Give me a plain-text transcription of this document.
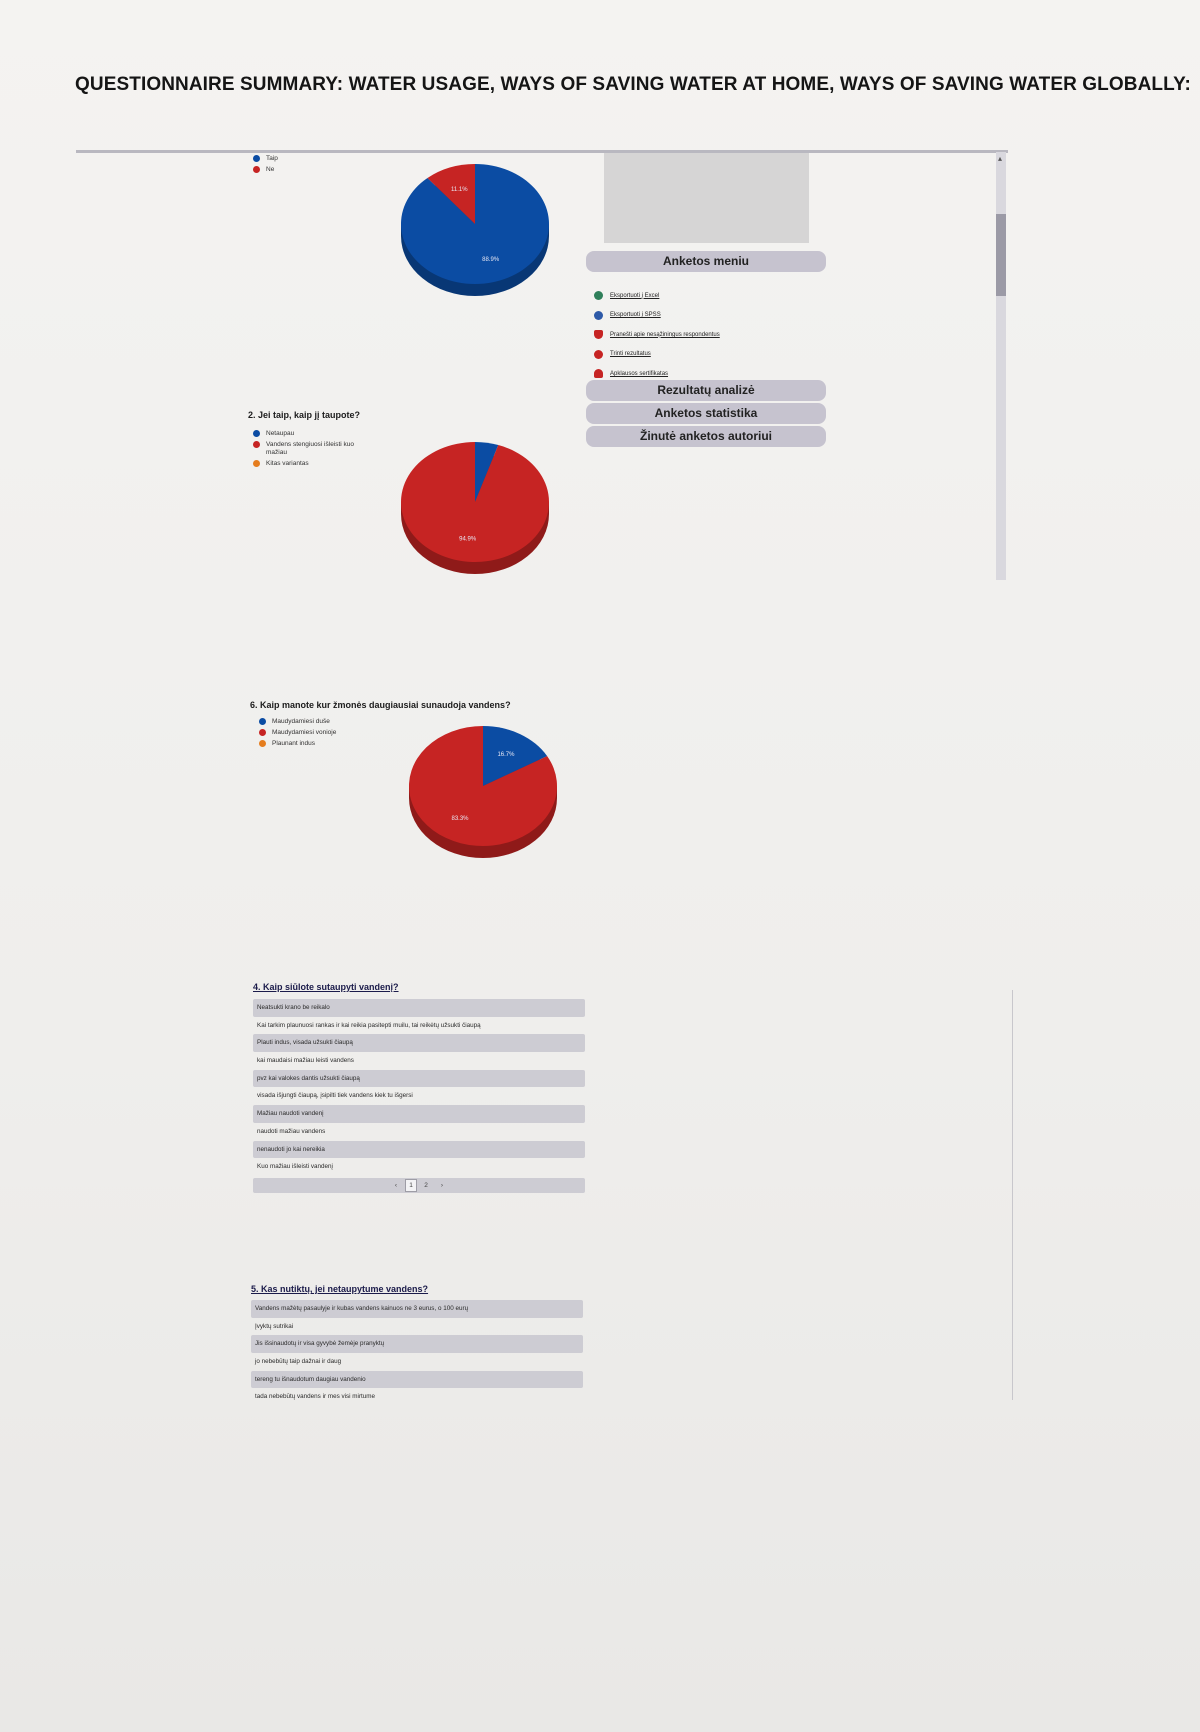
QUESTIONNAIRE SUMMARY: WATER USAGE, WAYS OF SAVING WATER AT HOME, WAYS OF SAVING WATER GLOBALLY:
Taip
Ne
88.9%
11.1%
Anketos meniu
Eksportuoti į Excel
Eksportuoti į SPSS
Pranešti apie nesąžiningus respondentus
Trinti rezultatus
Apklausos sertifikatas
Rezultatų analizė
Anketos statistika
Žinutė anketos autoriui
▴
2. Jei taip, kaip jį taupote?
Netaupau
Vandens stengiuosi išleisti kuo mažiau
Kitas variantas
94.9%
6. Kaip manote kur žmonės daugiausiai sunaudoja vandens?
Maudydamiesi duše
Maudydamiesi vonioje
Plaunant indus
16.7%
83.3%
4. Kaip siūlote sutaupyti vandenį?
Neatsukti krano be reikalo
Kai tarkim plaunuosi rankas ir kai reikia pasitepti muilu, tai reikėtų užsukti čiaupą
Plauti indus, visada užsukti čiaupą
kai maudaisi mažiau leisti vandens
pvz kai valokes dantis užsukti čiaupą
visada išjungti čiaupą, įsipilti tiek vandens kiek tu išgersi
Mažiau naudoti vandenį
naudoti mažiau vandens
nenaudoti jo kai nereikia
Kuo mažiau išleisti vandenį
‹	1	2	›
5. Kas nutiktų, jei netaupytume vandens?
Vandens mažėtų pasaulyje ir kubas vandens kainuos ne 3 eurus, o 100 eurų
Įvyktų sutrikai
Jis išsinaudotų ir visa gyvybė žemėje pranyktų
jo nebebūtų taip dažnai ir daug
tereng tu išnaudotum daugiau vandenio
tada nebebūtų vandens ir mes visi mirtume
